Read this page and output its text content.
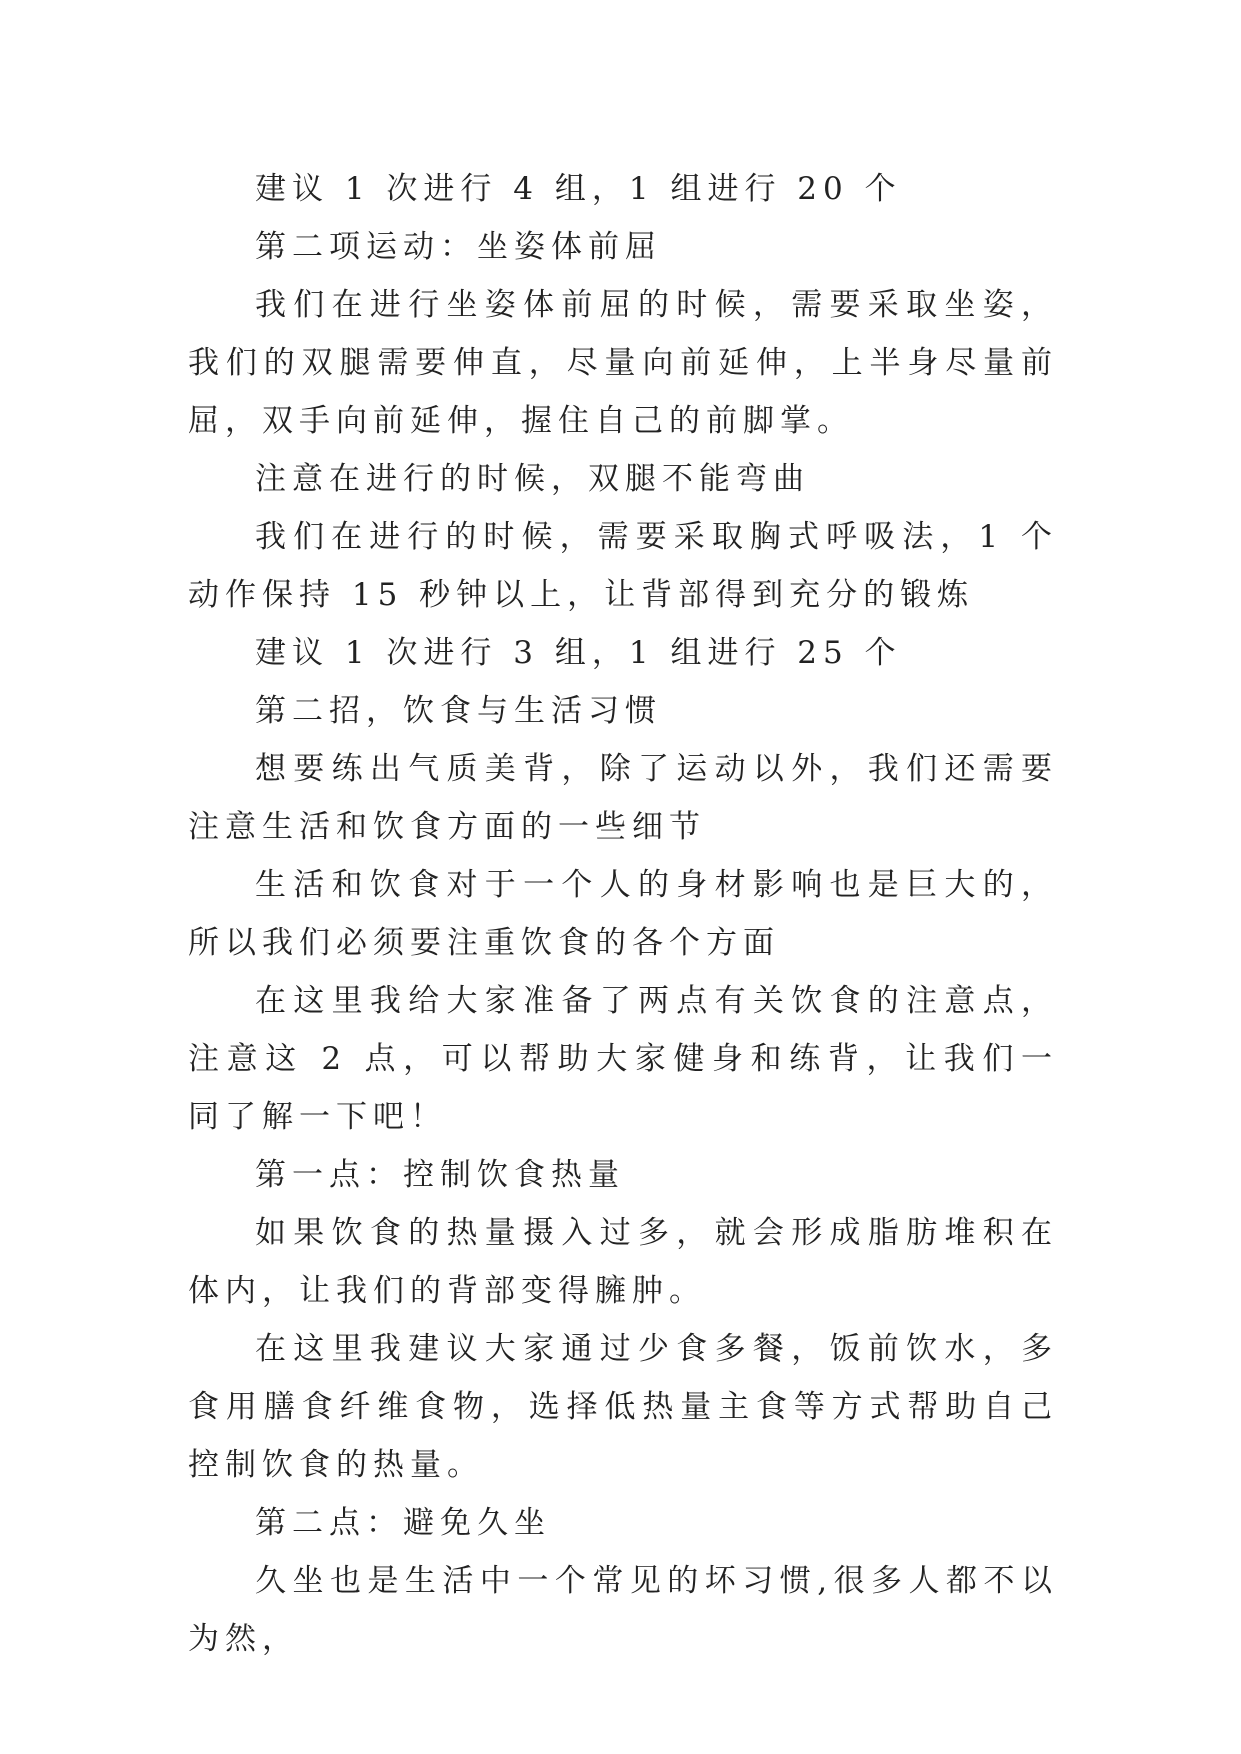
建议 1 次进行 4 组，1 组进行 20 个

第二项运动：坐姿体前屈

我们在进行坐姿体前屈的时候，需要采取坐姿，我们的双腿需要伸直，尽量向前延伸，上半身尽量前屈，双手向前延伸，握住自己的前脚掌。

注意在进行的时候，双腿不能弯曲

我们在进行的时候，需要采取胸式呼吸法，1 个动作保持 15 秒钟以上，让背部得到充分的锻炼

建议 1 次进行 3 组，1 组进行 25 个

第二招，饮食与生活习惯

想要练出气质美背，除了运动以外，我们还需要注意生活和饮食方面的一些细节

生活和饮食对于一个人的身材影响也是巨大的，所以我们必须要注重饮食的各个方面

在这里我给大家准备了两点有关饮食的注意点，注意这 2 点，可以帮助大家健身和练背，让我们一同了解一下吧！

第一点：控制饮食热量

如果饮食的热量摄入过多，就会形成脂肪堆积在体内，让我们的背部变得臃肿。

在这里我建议大家通过少食多餐，饭前饮水，多食用膳食纤维食物，选择低热量主食等方式帮助自己控制饮食的热量。

第二点：避免久坐

久坐也是生活中一个常见的坏习惯,很多人都不以为然，
